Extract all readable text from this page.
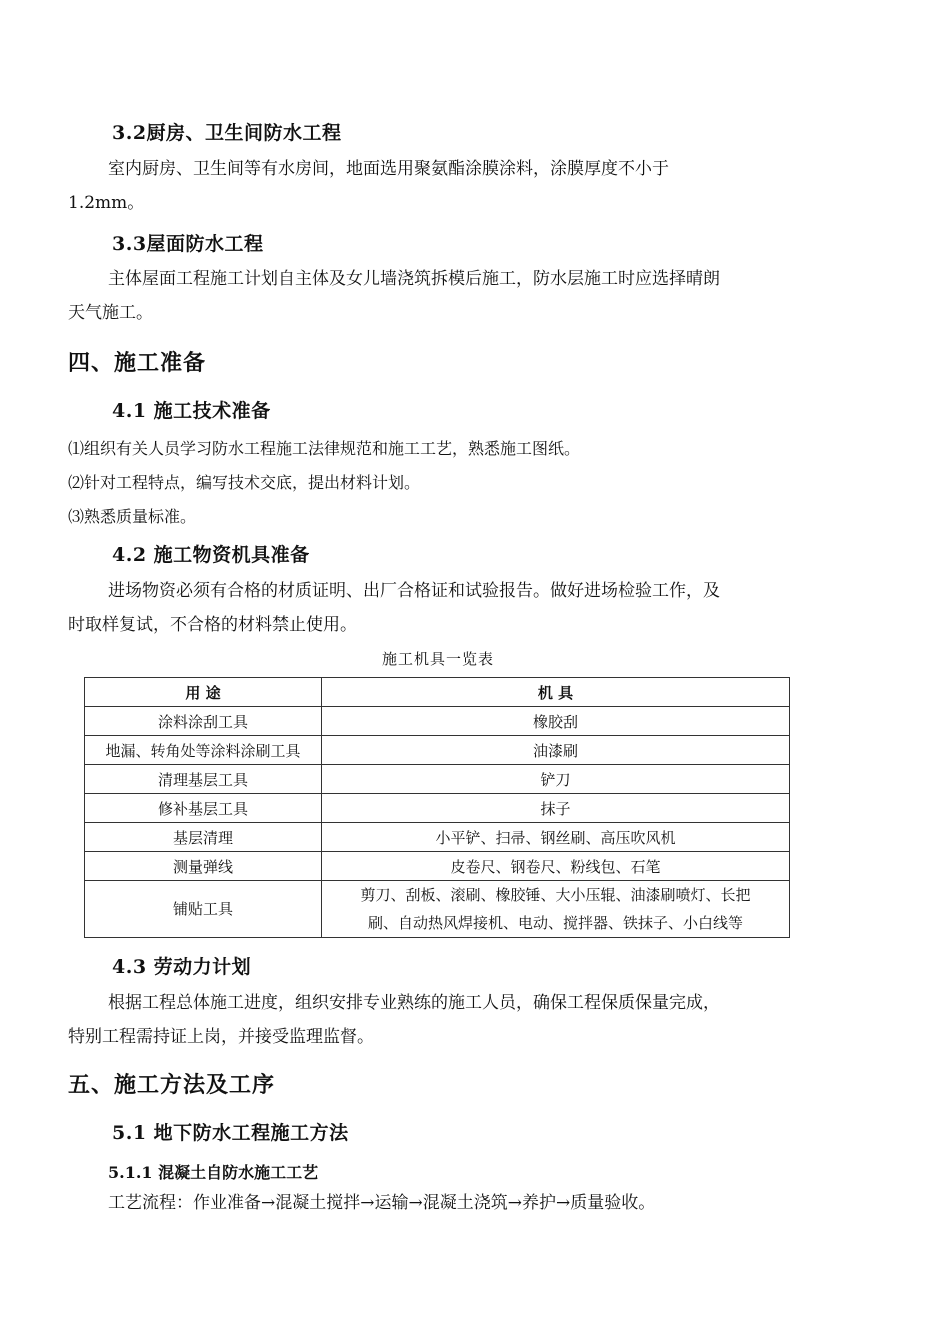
3.2厨房、卫生间防水工程
室内厨房、卫生间等有水房间，地面选用聚氨酯涂膜涂料，涂膜厚度不小于
1.2mm。
3.3屋面防水工程
主体屋面工程施工计划自主体及女儿墙浇筑拆模后施工，防水层施工时应选择晴朗
天气施工。
四、施工准备
4.1 施工技术准备
⑴组织有关人员学习防水工程施工法律规范和施工工艺，熟悉施工图纸。
⑵针对工程特点，编写技术交底，提出材料计划。
⑶熟悉质量标准。
4.2 施工物资机具准备
进场物资必须有合格的材质证明、出厂合格证和试验报告。做好进场检验工作，及
时取样复试，不合格的材料禁止使用。
施工机具一览表
用 途	机 具
涂料涂刮工具	橡胶刮
地漏、转角处等涂料涂刷工具	油漆刷
清理基层工具	铲刀
修补基层工具	抹子
基层清理	小平铲、扫帚、钢丝刷、高压吹风机
测量弹线	皮卷尺、钢卷尺、粉线包、石笔
铺贴工具	剪刀、刮板、滚刷、橡胶锤、大小压辊、油漆刷喷灯、长把
刷、自动热风焊接机、电动、搅拌器、铁抹子、小白线等
4.3 劳动力计划
根据工程总体施工进度，组织安排专业熟练的施工人员，确保工程保质保量完成，
特别工程需持证上岗，并接受监理监督。
五、施工方法及工序
5.1 地下防水工程施工方法
5.1.1 混凝土自防水施工工艺
工艺流程：作业准备→混凝土搅拌→运输→混凝土浇筑→养护→质量验收。
